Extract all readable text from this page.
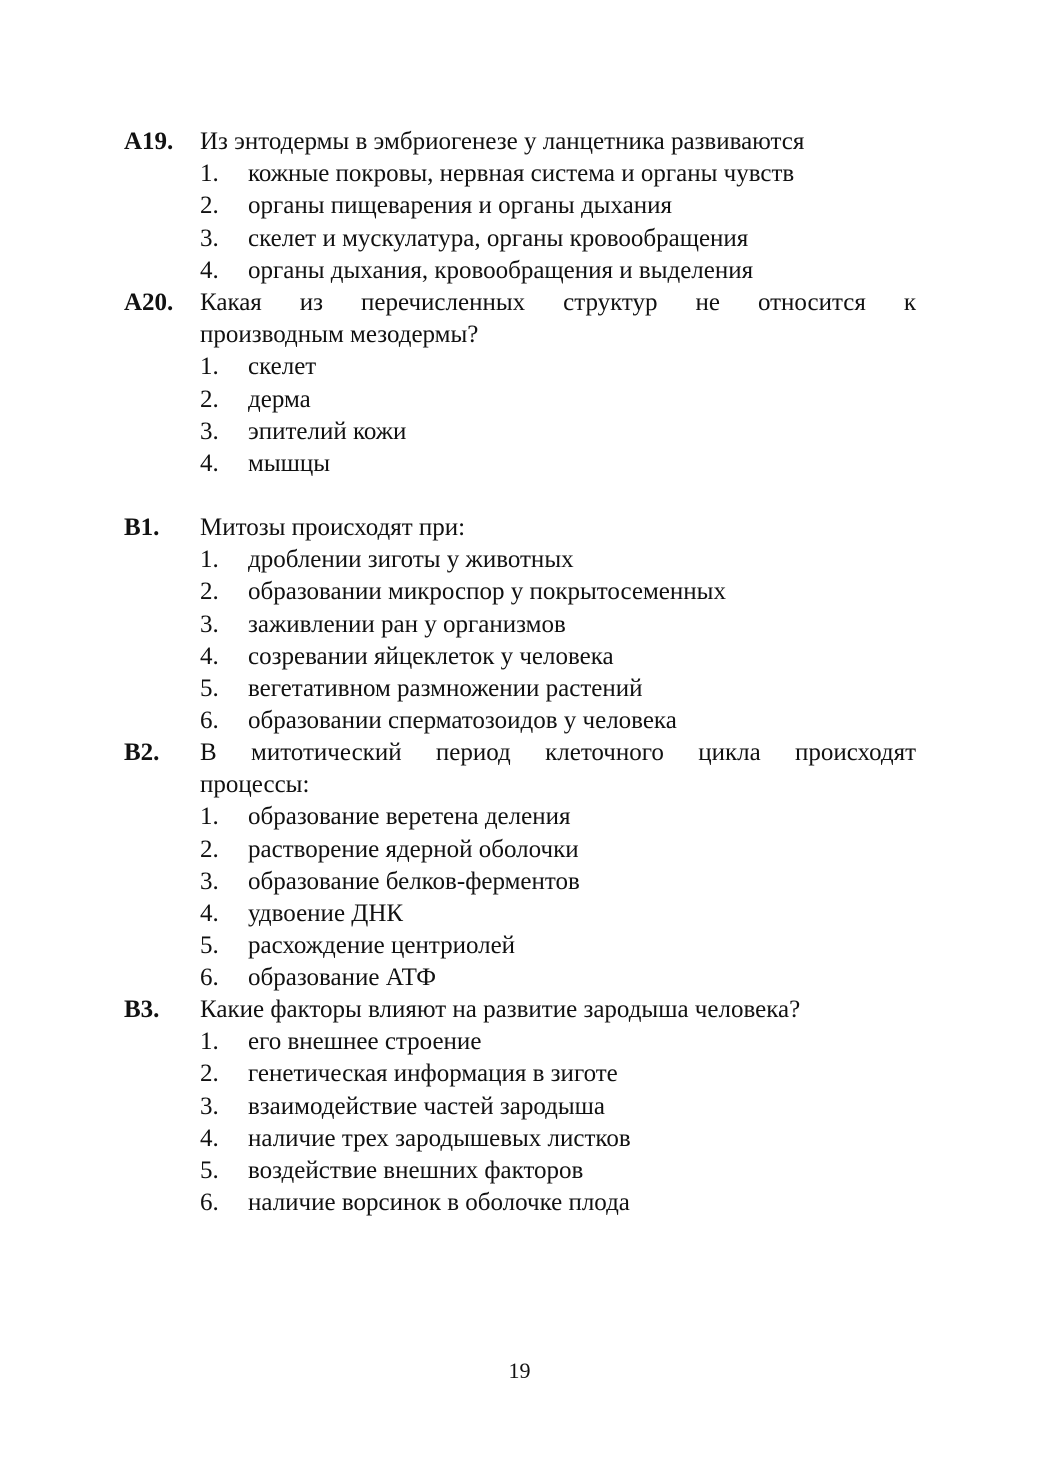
A19. Из энтодермы в эмбриогенезе у ланцетника развиваются
1. кожные покровы, нервная система и органы чувств
2. органы пищеварения и органы дыхания
3. скелет и мускулатура, органы кровообращения
4. органы дыхания, кровообращения и выделения
A20. Какая из перечисленных структур не относится к
производным мезодермы?
1. скелет
2. дерма
3. эпителий кожи
4. мышцы
B1. Митозы происходят при:
1. дроблении зиготы у животных
2. образовании микроспор у покрытосеменных
3. заживлении ран у организмов
4. созревании яйцеклеток у человека
5. вегетативном размножении растений
6. образовании сперматозоидов у человека
B2. В митотический период клеточного цикла происходят
процессы:
1. образование веретена деления
2. растворение ядерной оболочки
3. образование белков-ферментов
4. удвоение ДНК
5. расхождение центриолей
6. образование АТФ
B3. Какие факторы влияют на развитие зародыша человека?
1. его внешнее строение
2. генетическая информация в зиготе
3. взаимодействие частей зародыша
4. наличие трех зародышевых листков
5. воздействие внешних факторов
6. наличие ворсинок в оболочке плода
19
